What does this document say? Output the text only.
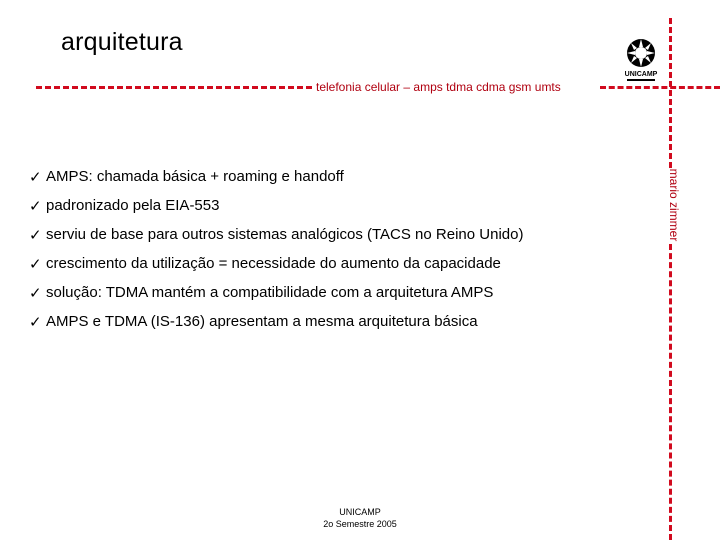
arquitetura
telefonia celular – amps tdma cdma gsm umts
mario zimmer
UNICAMP
✓ AMPS: chamada básica + roaming e handoff
✓ padronizado pela EIA-553
✓ serviu de base para outros sistemas analógicos (TACS no Reino Unido)
✓ crescimento da utilização = necessidade do aumento da capacidade
✓ solução: TDMA mantém a compatibilidade com a arquitetura AMPS
✓ AMPS e TDMA (IS-136) apresentam a mesma arquitetura básica
UNICAMP
2o Semestre 2005
